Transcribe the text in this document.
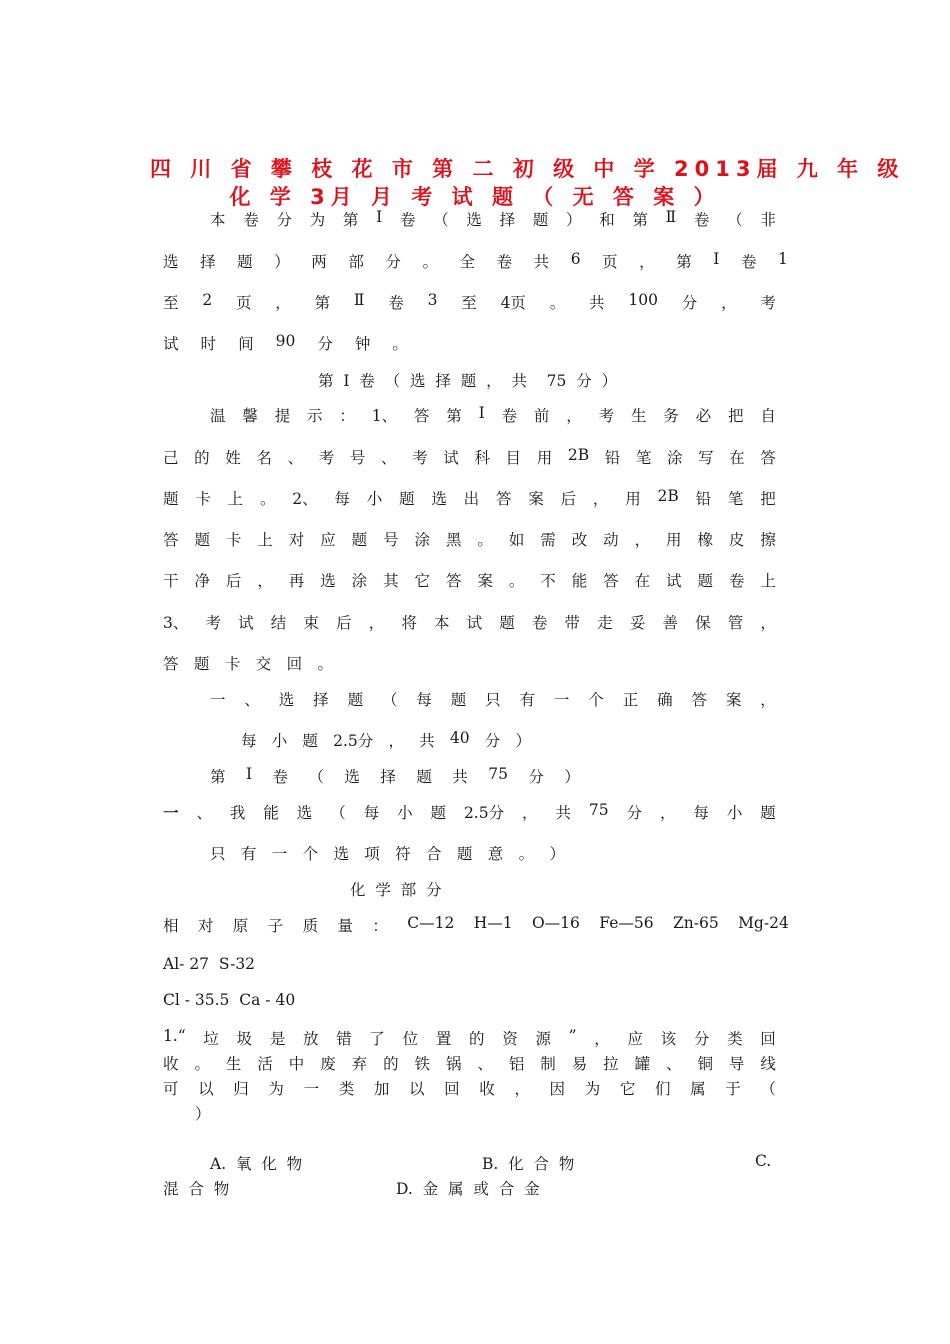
四 川 省 攀 枝 花 市 第 二 初 级 中 学 2013届 九 年 级
化 学 3月 月 考 试 题 （ 无 答 案 ）
本 卷 分 为 第 Ⅰ 卷 （ 选 择 题 ） 和 第 Ⅱ 卷 （ 非
选 择 题 ） 两 部 分 。 全 卷 共 6 页 ， 第 Ⅰ 卷 1
至 2 页 ， 第 Ⅱ 卷 3 至 4页 。 共 100 分 ， 考
试 时 间 90 分 钟 。
第  Ⅰ  卷  （  选  择  题  ，  共    75  分  ）
温 馨 提 示 ： 1、 答 第 Ⅰ 卷 前 ， 考 生 务 必 把 自
己 的 姓 名 、 考 号 、 考 试 科 目 用 2B 铅 笔 涂 写 在 答
题 卡 上 。 2、 每 小 题 选 出 答 案 后 ， 用 2B 铅 笔 把
答 题 卡 上 对 应 题 号 涂 黑 。 如 需 改 动 ， 用 橡 皮 擦
干 净 后 ， 再 选 涂 其 它 答 案 。 不 能 答 在 试 题 卷 上
3、 考 试 结 束 后 ， 将 本 试 题 卷 带 走 妥 善 保 管 ，
答 题 卡 交 回 。
一 、 选 择 题 （ 每 题 只 有 一 个 正 确 答 案 ，
每 小 题 2.5分 ， 共 40 分 ）
第 Ⅰ 卷 （ 选 择 题 共 75 分 ）
一 、 我 能 选 （ 每 小 题 2.5分 ， 共 75 分 ， 每 小 题
只 有 一 个 选 项 符 合 题 意 。 ）
化  学  部  分
相 对 原 子 质 量 ： C—12 H—1 O—16 Fe—56 Zn-65 Mg-24
Al- 27  S-32
Cl - 35.5  Ca - 40
1.“ 垃 圾 是 放 错 了 位 置 的 资 源 ” ， 应 该 分 类 回
收 。 生 活 中 废 弃 的 铁 锅 、 铝 制 易 拉 罐 、 铜 导 线
可 以 归 为 一 类 加 以 回 收 ， 因 为 它 们 属 于 （
）
A.  氧  化  物	B.  化  合  物	C.
混  合  物	D.  金  属  或  合  金
